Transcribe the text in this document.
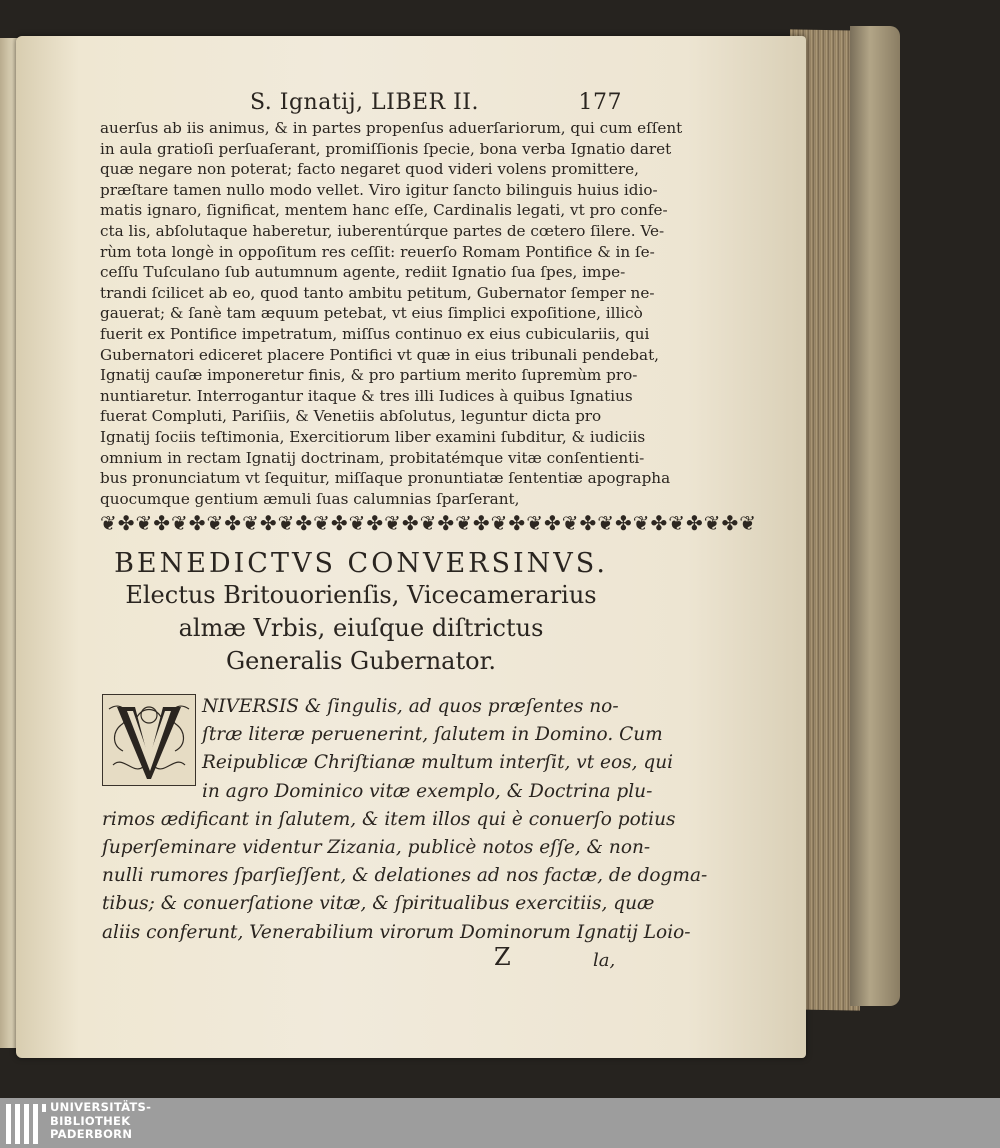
S. Ignatij, LIBER II.	177
auerſus ab iis animus, & in partes propenſus aduerſariorum, qui cum eſſent
in aula gratioſi perſuaſerant, promiſſionis ſpecie, bona verba Ignatio daret
quæ negare non poterat; facto negaret quod videri volens promittere,
præſtare tamen nullo modo vellet. Viro igitur ſancto bilinguis huius idio-
matis ignaro, ſignificat, mentem hanc eſſe, Cardinalis legati, vt pro confe-
cta lis, abſolutaque haberetur, iuberentúrque partes de cœtero ſilere. Ve-
rùm tota longè in oppoſitum res ceſſit: reuerſo Romam Pontifice & in ſe-
ceſſu Tuſculano ſub autumnum agente, rediit Ignatio ſua ſpes, impe-
trandi ſcilicet ab eo, quod tanto ambitu petitum, Gubernator ſemper ne-
gauerat; & ſanè tam æquum petebat, vt eius ſimplici expoſitione, illicò
fuerit ex Pontifice impetratum, miſſus continuo ex eius cubiculariis, qui
Gubernatori ediceret placere Pontifici vt quæ in eius tribunali pendebat,
Ignatij cauſæ imponeretur finis, & pro partium merito ſupremùm pro-
nuntiaretur. Interrogantur itaque & tres illi Iudices à quibus Ignatius
fuerat Compluti, Pariſiis, & Venetiis abſolutus, leguntur dicta pro
Ignatij ſociis teſtimonia, Exercitiorum liber examini ſubditur, & iudiciis
omnium in rectam Ignatij doctrinam, probitatémque vitæ conſentienti-
bus pronunciatum vt ſequitur, miſſaque pronuntiatæ ſententiæ apographa
quocumque gentium æmuli ſuas calumnias ſparſerant,
❦✤❦✤❦✤❦✤❦✤❦✤❦✤❦✤❦✤❦✤❦✤❦✤❦✤❦✤❦✤❦✤❦✤❦✤❦
BENEDICTVS CONVERSINVS.
Electus Britouorienſis, Vicecamerarius
almæ Vrbis, eiuſque diſtrictus
Generalis Gubernator.
NIVERSIS & ſingulis, ad quos præſentes no-
ſtræ literæ peruenerint, ſalutem in Domino. Cum
Reipublicæ Chriſtianæ multum interſit, vt eos, qui
in agro Dominico vitæ exemplo, & Doctrina plu-
rimos ædificant in ſalutem, & item illos qui è conuerſo potius
ſuperſeminare videntur Zizania, publicè notos eſſe, & non-
nulli rumores ſparſieſſent, & delationes ad nos factæ, de dogma-
tibus; & conuerſatione vitæ, & ſpiritualibus exercitiis, quæ
aliis conferunt, Venerabilium virorum Dominorum Ignatij Loio-
Z	la,
UNIVERSITÄTS-
BIBLIOTHEK
PADERBORN
